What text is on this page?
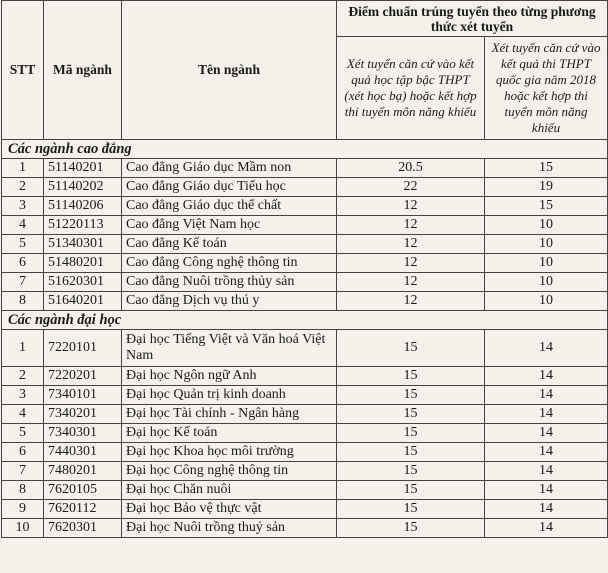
STT	Mã ngành	Tên ngành	Điểm chuẩn trúng tuyển theo từng phương thức xét tuyển	
			Xét tuyển căn cứ vào kết quả học tập bậc THPT (xét học bạ) hoặc kết hợp thi tuyển môn năng khiếu	Xét tuyển căn cứ vào kết quả thi THPT quốc gia năm 2018 hoặc kết hợp thi tuyển môn năng khiếu
Các ngành cao đẳng				
1	51140201	Cao đẳng Giáo dục Mầm non	20.5	15
2	51140202	Cao đẳng Giáo dục Tiểu học	22	19
3	51140206	Cao đẳng Giáo dục thể chất	12	15
4	51220113	Cao đẳng Việt Nam học	12	10
5	51340301	Cao đẳng Kế toán	12	10
6	51480201	Cao đẳng Công nghệ thông tin	12	10
7	51620301	Cao đẳng Nuôi trồng thủy sản	12	10
8	51640201	Cao đẳng Dịch vụ thú y	12	10
Các ngành đại học				
1	7220101	Đại học Tiếng Việt và Văn hoá Việt Nam	15	14
2	7220201	Đại học Ngôn ngữ Anh	15	14
3	7340101	Đại học Quản trị kinh doanh	15	14
4	7340201	Đại học Tài chính - Ngân hàng	15	14
5	7340301	Đại học Kế toán	15	14
6	7440301	Đại học Khoa học môi trường	15	14
7	7480201	Đại học Công nghệ thông tin	15	14
8	7620105	Đại học Chăn nuôi	15	14
9	7620112	Đại học Bảo vệ thực vật	15	14
10	7620301	Đại học Nuôi trồng thuỷ sản	15	14
